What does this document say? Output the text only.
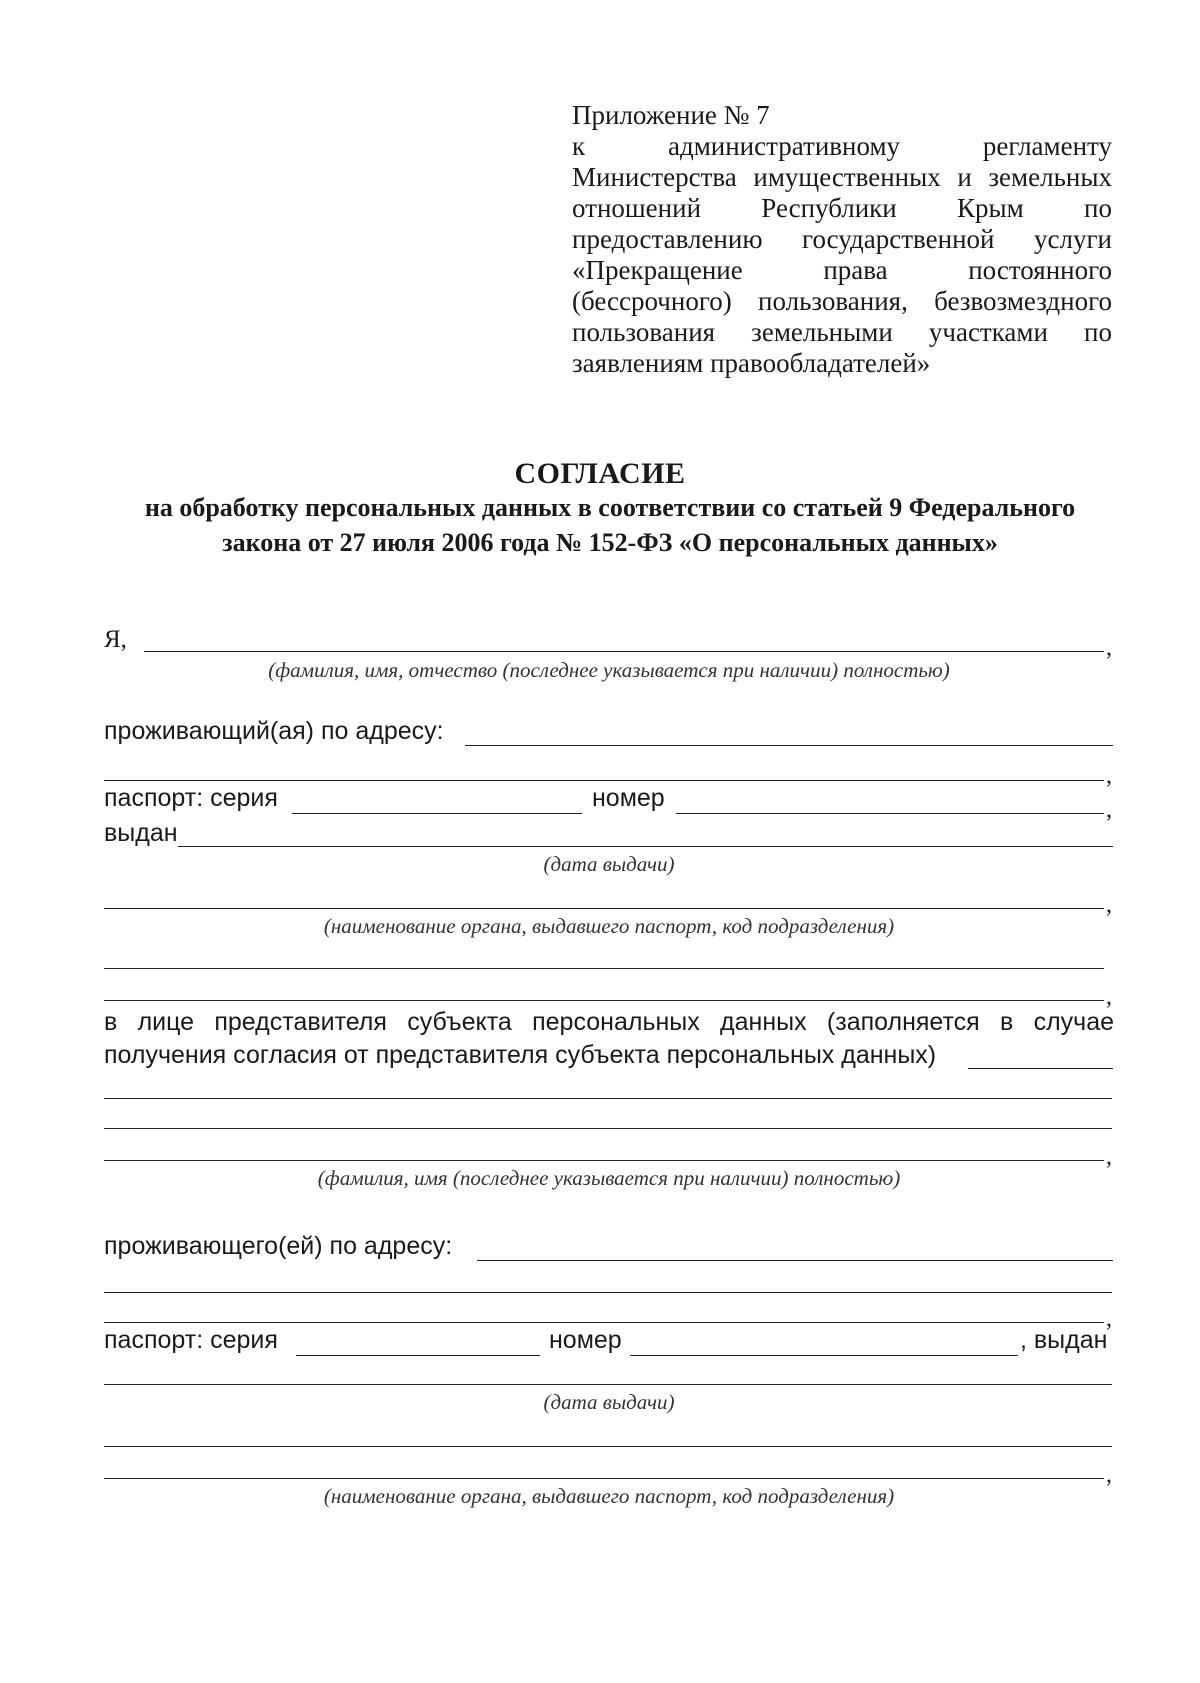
Приложение № 7
к административному регламенту
Министерства имущественных и земельных
отношений Республики Крым по
предоставлению государственной услуги
«Прекращение права постоянного
(бессрочного) пользования, безвозмездного
пользования земельными участками по
заявлениям правообладателей»
СОГЛАСИЕ
на обработку персональных данных в соответствии со статьей 9 Федерального закона от 27 июля 2006 года № 152-ФЗ «О персональных данных»
Я,	,
(фамилия, имя, отчество (последнее указывается при наличии) полностью)
проживающий(ая) по адресу:
,
паспорт: серия	номер	,
выдан
(дата выдачи)
,
(наименование органа, выдавшего паспорт, код подразделения)
,
в лице представителя субъекта персональных данных (заполняется в случае получения согласия от представителя субъекта персональных данных)
,
(фамилия, имя (последнее указывается при наличии) полностью)
проживающего(ей) по адресу:
,
паспорт: серия	номер	, выдан
(дата выдачи)
,
(наименование органа, выдавшего паспорт, код подразделения)
